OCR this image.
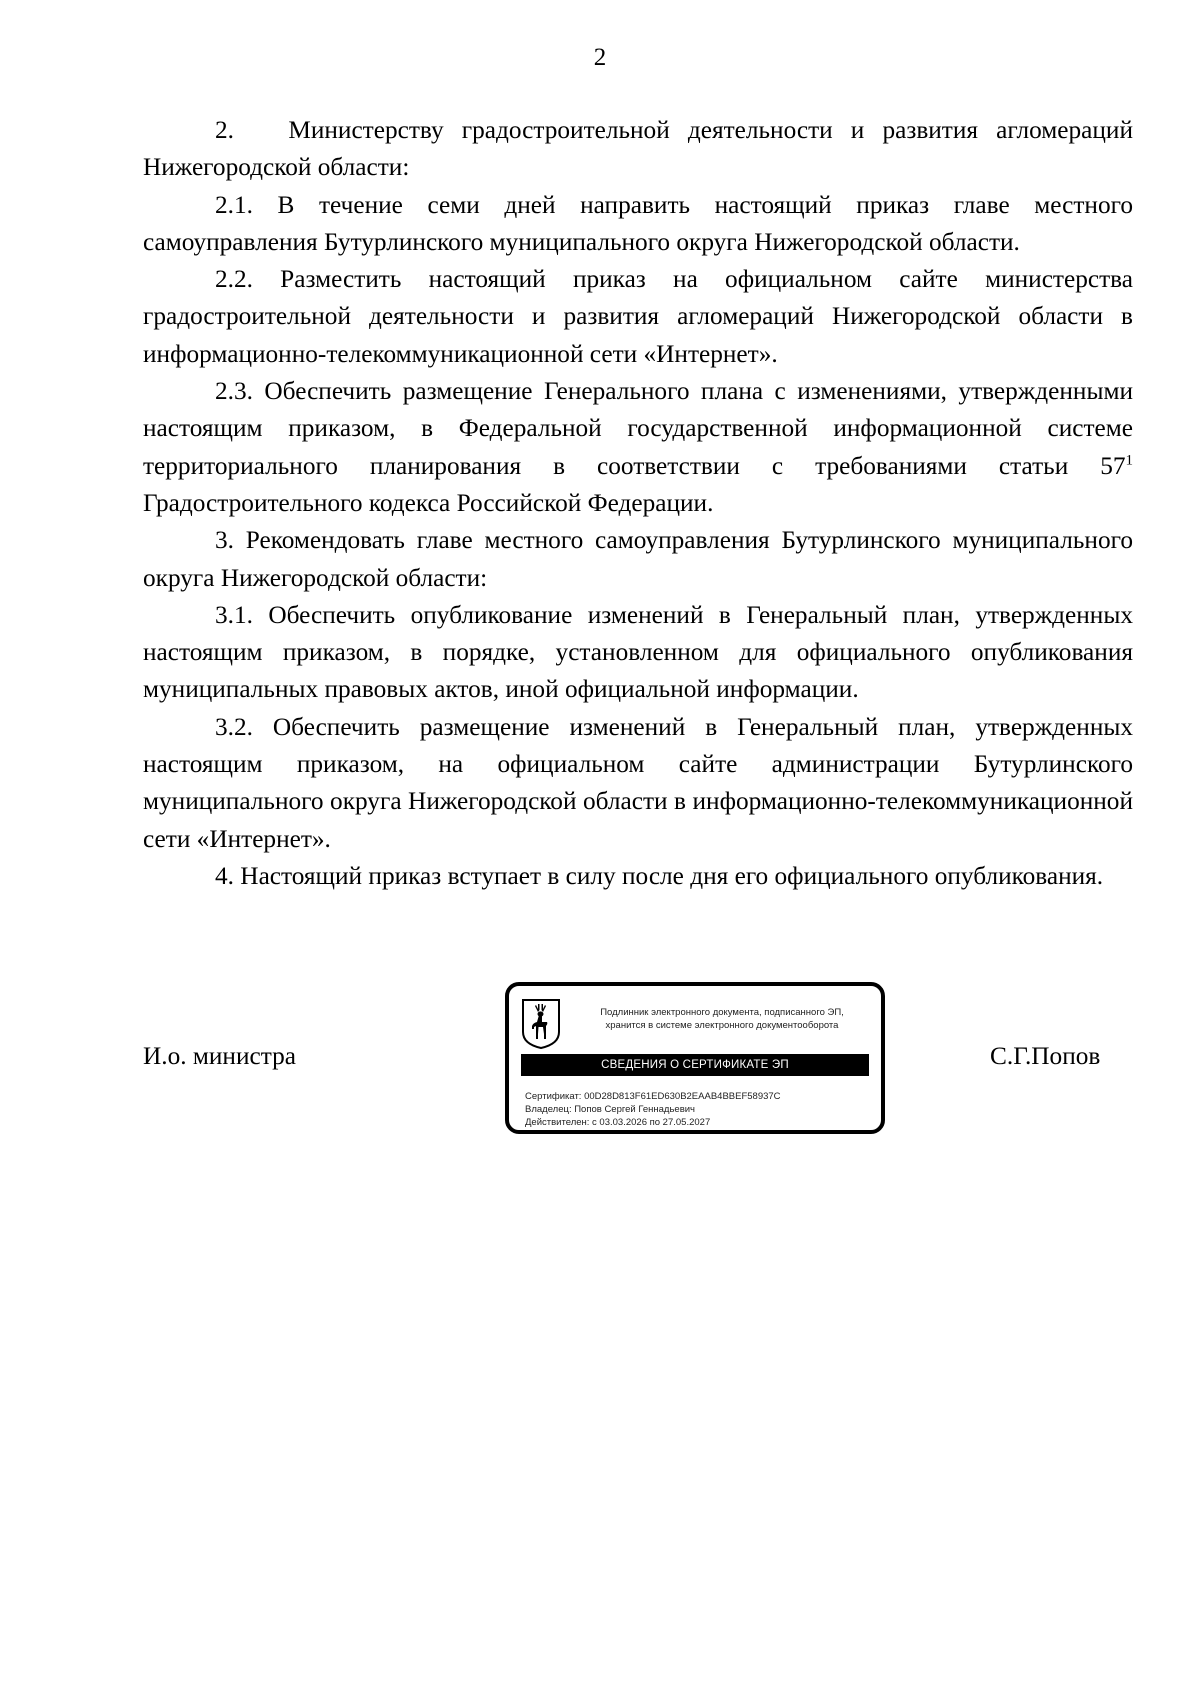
2

2.   Министерству градостроительной деятельности и развития агломераций Нижегородской области:

2.1. В течение семи дней направить настоящий приказ главе местного самоуправления Бутурлинского муниципального округа Нижегородской области.

2.2. Разместить настоящий приказ на официальном сайте министерства градостроительной деятельности и развития агломераций Нижегородской области в информационно-телекоммуникационной сети «Интернет».

2.3. Обеспечить размещение Генерального плана с изменениями, утвержденными настоящим приказом, в Федеральной государственной информационной системе территориального планирования в соответствии с требованиями статьи 57$^1$ Градостроительного кодекса Российской Федерации.

3. Рекомендовать главе местного самоуправления Бутурлинского муниципального округа Нижегородской области:

3.1. Обеспечить опубликование изменений в Генеральный план, утвержденных настоящим приказом, в порядке, установленном для официального опубликования муниципальных правовых актов, иной официальной информации.

3.2. Обеспечить размещение изменений в Генеральный план, утвержденных настоящим приказом, на официальном сайте администрации Бутурлинского муниципального округа Нижегородской области в информационно-телекоммуникационной сети «Интернет».

4. Настоящий приказ вступает в силу после дня его официального опубликования.

И.о. министра
Подлинник электронного документа, подписанного ЭП,
хранится в системе электронного документооборота
СВЕДЕНИЯ О СЕРТИФИКАТЕ ЭП
Сертификат: 00D28D813F61ED630B2EAAB4BBEF58937C
Владелец: Попов Сергей Геннадьевич
Действителен: с 03.03.2026 по 27.05.2027
С.Г.Попов
